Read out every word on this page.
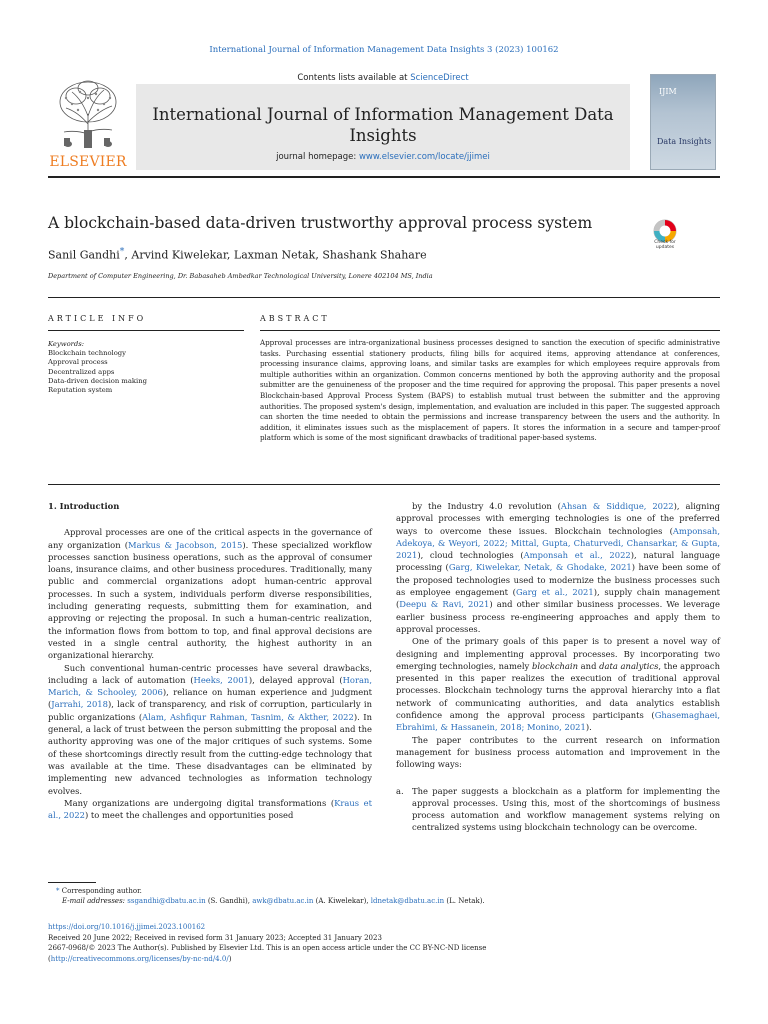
International Journal of Information Management Data Insights 3 (2023) 100162
ELSEVIER
Contents lists available at ScienceDirect
International Journal of Information Management Data Insights
journal homepage: www.elsevier.com/locate/jjimei
IJIM
Data Insights
A blockchain-based data-driven trustworthy approval process system
Check for updates
Sanil Gandhi*, Arvind Kiwelekar, Laxman Netak, Shashank Shahare
Department of Computer Engineering, Dr. Babasaheb Ambedkar Technological University, Lonere 402104 MS, India
ARTICLE INFO	ABSTRACT
Keywords:
Blockchain technology
Approval process
Decentralized apps
Data-driven decision making
Reputation system
Approval processes are intra-organizational business processes designed to sanction the execution of specific administrative tasks. Purchasing essential stationery products, filing bills for acquired items, approving attendance at conferences, processing insurance claims, approving loans, and similar tasks are examples for which employees require approvals from multiple authorities within an organization. Common concerns mentioned by both the approving authority and the proposal submitter are the genuineness of the proposer and the time required for approving the proposal. This paper presents a novel Blockchain-based Approval Process System (BAPS) to establish mutual trust between the submitter and the approving authorities. The proposed system's design, implementation, and evaluation are included in this paper. The suggested approach can shorten the time needed to obtain the permissions and increase transparency between the users and the authority. In addition, it eliminates issues such as the misplacement of papers. It stores the information in a secure and tamper-proof platform which is some of the most significant drawbacks of traditional paper-based systems.
1. Introduction

Approval processes are one of the critical aspects in the governance of any organization (Markus & Jacobson, 2015). These specialized workflow processes sanction business operations, such as the approval of consumer loans, insurance claims, and other business procedures. Traditionally, many public and commercial organizations adopt human-centric approval processes. In such a system, individuals perform diverse responsibilities, including generating requests, submitting them for examination, and approving or rejecting the proposal. In such a human-centric realization, the information flows from bottom to top, and final approval decisions are vested in a single central authority, the highest authority in an organizational hierarchy.

Such conventional human-centric processes have several drawbacks, including a lack of automation (Heeks, 2001), delayed approval (Horan, Marich, & Schooley, 2006), reliance on human experience and judgment (Jarrahi, 2018), lack of transparency, and risk of corruption, particularly in public organizations (Alam, Ashfiqur Rahman, Tasnim, & Akther, 2022). In general, a lack of trust between the person submitting the proposal and the authority approving was one of the major critiques of such systems. Some of these shortcomings directly result from the cutting-edge technology that was available at the time. These disadvantages can be eliminated by implementing new advanced technologies as information technology evolves.

Many organizations are undergoing digital transformations (Kraus et al., 2022) to meet the challenges and opportunities posed

by the Industry 4.0 revolution (Ahsan & Siddique, 2022), aligning approval processes with emerging technologies is one of the preferred ways to overcome these issues. Blockchain technologies (Amponsah, Adekoya, & Weyori, 2022; Mittal, Gupta, Chaturvedi, Chansarkar, & Gupta, 2021), cloud technologies (Amponsah et al., 2022), natural language processing (Garg, Kiwelekar, Netak, & Ghodake, 2021) have been some of the proposed technologies used to modernize the business processes such as employee engagement (Garg et al., 2021), supply chain management (Deepu & Ravi, 2021) and other similar business processes. We leverage earlier business process re-engineering approaches and apply them to approval processes.

One of the primary goals of this paper is to present a novel way of designing and implementing approval processes. By incorporating two emerging technologies, namely blockchain and data analytics, the approach presented in this paper realizes the execution of traditional approval processes. Blockchain technology turns the approval hierarchy into a flat network of communicating authorities, and data analytics establish confidence among the approval process participants (Ghasemaghaei, Ebrahimi, & Hassanein, 2018; Monino, 2021).

The paper contributes to the current research on information management for business process automation and improvement in the following ways:

a. The paper suggests a blockchain as a platform for implementing the approval processes. Using this, most of the shortcomings of business process automation and workflow management systems relying on centralized systems using blockchain technology can be overcome.
* Corresponding author.
E-mail addresses: ssgandhi@dbatu.ac.in (S. Gandhi), awk@dbatu.ac.in (A. Kiwelekar), ldnetak@dbatu.ac.in (L. Netak).
https://doi.org/10.1016/j.jjimei.2023.100162
Received 20 June 2022; Received in revised form 31 January 2023; Accepted 31 January 2023
2667-0968/© 2023 The Author(s). Published by Elsevier Ltd. This is an open access article under the CC BY-NC-ND license
(http://creativecommons.org/licenses/by-nc-nd/4.0/)
